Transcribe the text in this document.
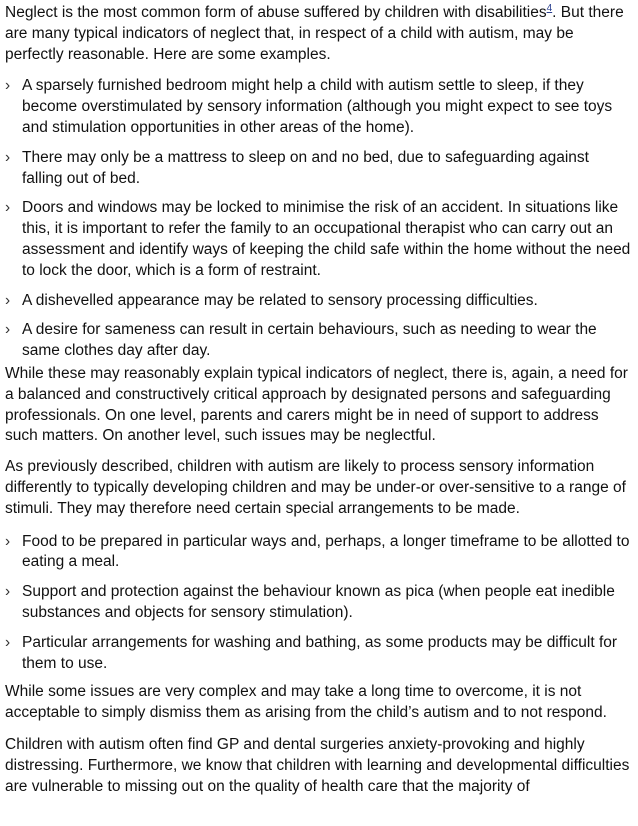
Neglect is the most common form of abuse suffered by children with disabilities$^4$. But there are many typical indicators of neglect that, in respect of a child with autism, may be perfectly reasonable. Here are some examples.

› A sparsely furnished bedroom might help a child with autism settle to sleep, if they become overstimulated by sensory information (although you might expect to see toys and stimulation opportunities in other areas of the home).
› There may only be a mattress to sleep on and no bed, due to safeguarding against falling out of bed.
› Doors and windows may be locked to minimise the risk of an accident. In situations like this, it is important to refer the family to an occupational therapist who can carry out an assessment and identify ways of keeping the child safe within the home without the need to lock the door, which is a form of restraint.
› A dishevelled appearance may be related to sensory processing difficulties.
› A desire for sameness can result in certain behaviours, such as needing to wear the same clothes day after day.

While these may reasonably explain typical indicators of neglect, there is, again, a need for a balanced and constructively critical approach by designated persons and safeguarding professionals. On one level, parents and carers might be in need of support to address such matters. On another level, such issues may be neglectful.

As previously described, children with autism are likely to process sensory information differently to typically developing children and may be under-or over-sensitive to a range of stimuli. They may therefore need certain special arrangements to be made.

› Food to be prepared in particular ways and, perhaps, a longer timeframe to be allotted to eating a meal.
› Support and protection against the behaviour known as pica (when people eat inedible substances and objects for sensory stimulation).
› Particular arrangements for washing and bathing, as some products may be difficult for them to use.

While some issues are very complex and may take a long time to overcome, it is not acceptable to simply dismiss them as arising from the child’s autism and to not respond.

Children with autism often find GP and dental surgeries anxiety-provoking and highly distressing. Furthermore, we know that children with learning and developmental difficulties are vulnerable to missing out on the quality of health care that the majority of
